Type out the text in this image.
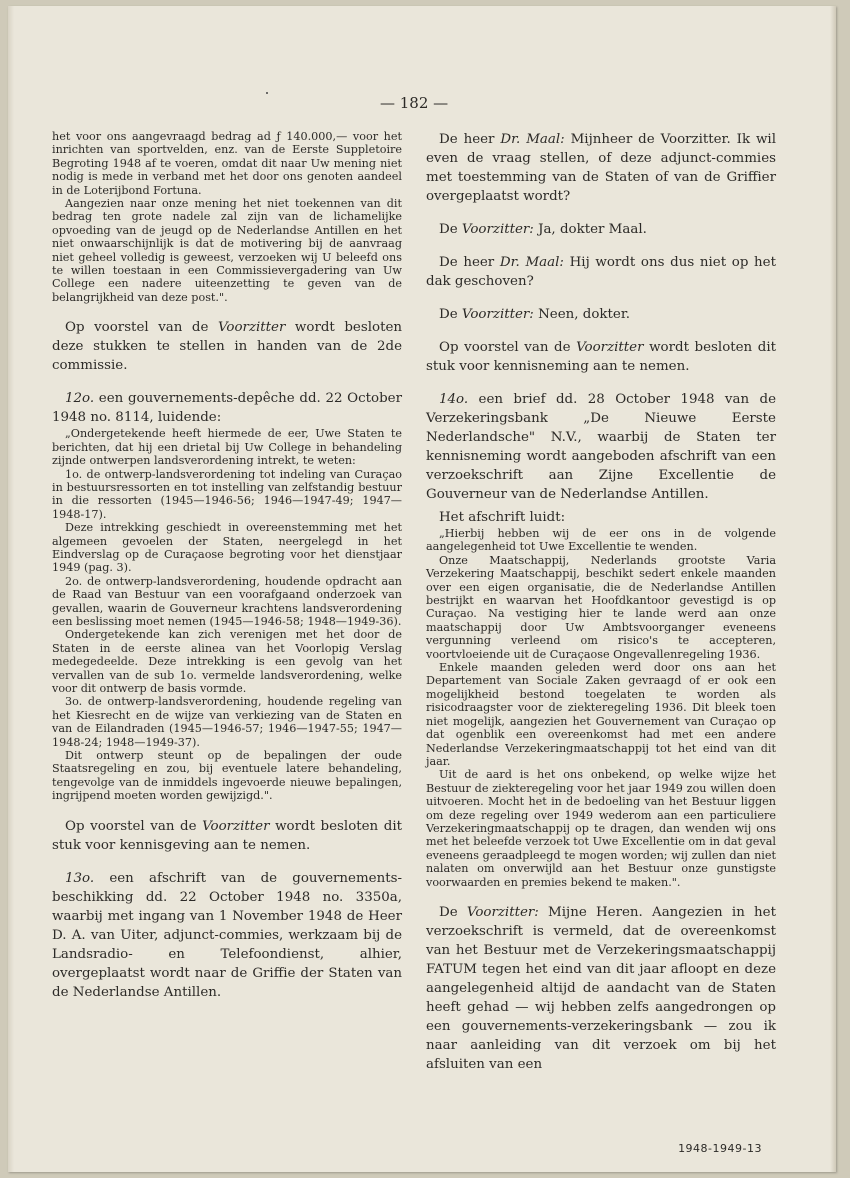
— 182 —

het voor ons aangevraagd bedrag ad ƒ 140.000,— voor het inrichten van sportvelden, enz. van de Eerste Suppletoire Begroting 1948 af te voeren, omdat dit naar Uw mening niet nodig is mede in verband met het door ons genoten aandeel in de Loterijbond Fortuna.

Aangezien naar onze mening het niet toekennen van dit bedrag ten grote nadele zal zijn van de lichamelijke opvoeding van de jeugd op de Nederlandse Antillen en het niet onwaarschijnlijk is dat de motivering bij de aanvraag niet geheel volledig is geweest, verzoeken wij U beleefd ons te willen toestaan in een Commissievergadering van Uw College een nadere uiteenzetting te geven van de belangrijkheid van deze post.".

Op voorstel van de Voorzitter wordt besloten deze stukken te stellen in handen van de 2de commissie.

12o. een gouvernements-depêche dd. 22 October 1948 no. 8114, luidende:

„Ondergetekende heeft hiermede de eer, Uwe Staten te berichten, dat hij een drietal bij Uw College in behandeling zijnde ontwerpen landsverordening intrekt, te weten:

1o. de ontwerp-landsverordening tot indeling van Curaçao in bestuursressorten en tot instelling van zelfstandig bestuur in die ressorten (1945—1946-56; 1946—1947-49; 1947—1948-17).

Deze intrekking geschiedt in overeenstemming met het algemeen gevoelen der Staten, neergelegd in het Eindverslag op de Curaçaose begroting voor het dienstjaar 1949 (pag. 3).

2o. de ontwerp-landsverordening, houdende opdracht aan de Raad van Bestuur van een voorafgaand onderzoek van gevallen, waarin de Gouverneur krachtens landsverordening een beslissing moet nemen (1945—1946-58; 1948—1949-36).

Ondergetekende kan zich verenigen met het door de Staten in de eerste alinea van het Voorlopig Verslag medegedeelde. Deze intrekking is een gevolg van het vervallen van de sub 1o. vermelde landsverordening, welke voor dit ontwerp de basis vormde.

3o. de ontwerp-landsverordening, houdende regeling van het Kiesrecht en de wijze van verkiezing van de Staten en van de Eilandraden (1945—1946-57; 1946—1947-55; 1947—1948-24; 1948—1949-37).

Dit ontwerp steunt op de bepalingen der oude Staatsregeling en zou, bij eventuele latere behandeling, tengevolge van de inmiddels ingevoerde nieuwe bepalingen, ingrijpend moeten worden gewijzigd.".

Op voorstel van de Voorzitter wordt besloten dit stuk voor kennisgeving aan te nemen.

13o. een afschrift van de gouvernements-beschikking dd. 22 October 1948 no. 3350a, waarbij met ingang van 1 November 1948 de Heer D. A. van Uiter, adjunct-commies, werkzaam bij de Landsradio- en Telefoondienst, alhier, overgeplaatst wordt naar de Griffie der Staten van de Nederlandse Antillen.

De heer Dr. Maal: Mijnheer de Voorzitter. Ik wil even de vraag stellen, of deze adjunct-commies met toestemming van de Staten of van de Griffier overgeplaatst wordt?

De Voorzitter: Ja, dokter Maal.

De heer Dr. Maal: Hij wordt ons dus niet op het dak geschoven?

De Voorzitter: Neen, dokter.

Op voorstel van de Voorzitter wordt besloten dit stuk voor kennisneming aan te nemen.

14o. een brief dd. 28 October 1948 van de Verzekeringsbank „De Nieuwe Eerste Nederlandsche" N.V., waarbij de Staten ter kennisneming wordt aangeboden afschrift van een verzoekschrift aan Zijne Excellentie de Gouverneur van de Nederlandse Antillen.

Het afschrift luidt:

„Hierbij hebben wij de eer ons in de volgende aangelegenheid tot Uwe Excellentie te wenden.

Onze Maatschappij, Nederlands grootste Varia Verzekering Maatschappij, beschikt sedert enkele maanden over een eigen organisatie, die de Nederlandse Antillen bestrijkt en waarvan het Hoofdkantoor gevestigd is op Curaçao. Na vestiging hier te lande werd aan onze maatschappij door Uw Ambtsvoorganger eveneens vergunning verleend om risico's te accepteren, voortvloeiende uit de Curaçaose Ongevallenregeling 1936.

Enkele maanden geleden werd door ons aan het Departement van Sociale Zaken gevraagd of er ook een mogelijkheid bestond toegelaten te worden als risicodraagster voor de ziekteregeling 1936. Dit bleek toen niet mogelijk, aangezien het Gouvernement van Curaçao op dat ogenblik een overeenkomst had met een andere Nederlandse Verzekeringmaatschappij tot het eind van dit jaar.

Uit de aard is het ons onbekend, op welke wijze het Bestuur de ziekteregeling voor het jaar 1949 zou willen doen uitvoeren. Mocht het in de bedoeling van het Bestuur liggen om deze regeling over 1949 wederom aan een particuliere Verzekeringmaatschappij op te dragen, dan wenden wij ons met het beleefde verzoek tot Uwe Excellentie om in dat geval eveneens geraadpleegd te mogen worden; wij zullen dan niet nalaten om onverwijld aan het Bestuur onze gunstigste voorwaarden en premies bekend te maken.".

De Voorzitter: Mijne Heren. Aangezien in het verzoekschrift is vermeld, dat de overeenkomst van het Bestuur met de Verzekeringsmaatschappij FATUM tegen het eind van dit jaar afloopt en deze aangelegenheid altijd de aandacht van de Staten heeft gehad — wij hebben zelfs aangedrongen op een gouvernements-verzekeringsbank — zou ik naar aanleiding van dit verzoek om bij het afsluiten van een

1948-1949-13
